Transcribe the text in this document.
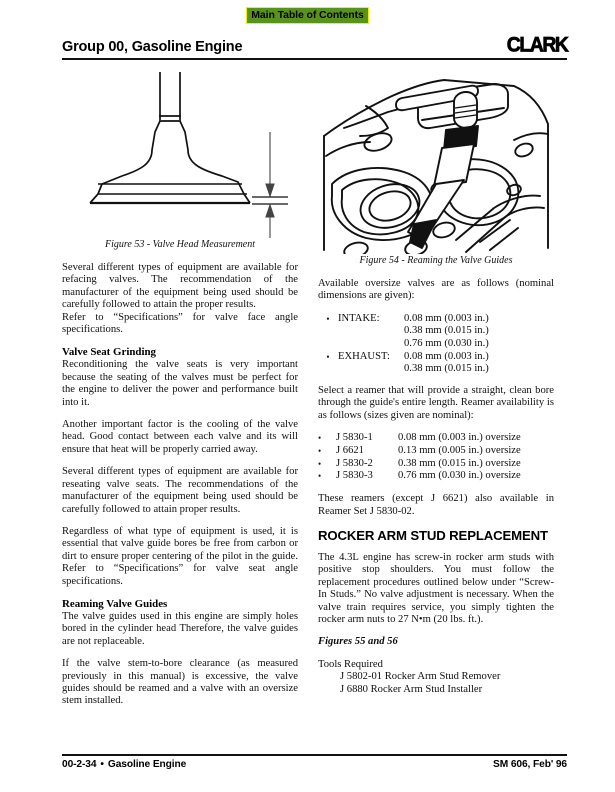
Main Table of Contents
Group 00, Gasoline Engine	CLARK
Figure 53 - Valve Head Measurement

Several different types of equipment are available for refacing valves. The recommendation of the manufacturer of the equipment being used should be carefully followed to attain the proper results.

Refer to “Specifications” for valve face angle specifications.

Valve Seat Grinding

Reconditioning the valve seats is very important because the seating of the valves must be perfect for the engine to deliver the power and performance built into it.

Another important factor is the cooling of the valve head. Good contact between each valve and its will ensure that heat will be properly carried away.

Several different types of equipment are available for reseating valve seats. The recommendations of the manufacturer of the equipment being used should be carefully followed to attain proper results.

Regardless of what type of equipment is used, it is essential that valve guide bores be free from carbon or dirt to ensure proper centering of the pilot in the guide. Refer to “Specifications” for valve seat angle specifications.

Reaming Valve Guides

The valve guides used in this engine are simply holes bored in the cylinder head Therefore, the valve guides are not replaceable.

If the valve stem-to-bore clearance (as measured previously in this manual) is excessive, the valve guides should be reamed and a valve with an oversize stem installed.

Figure 54 - Reaming the Valve Guides

Available oversize valves are as follows (nominal dimensions are given):

• INTAKE:	0.08 mm (0.003 in.)
0.38 mm (0.015 in.)
0.76 mm (0.030 in.)
• EXHAUST:	0.08 mm (0.003 in.)
0.38 mm (0.015 in.)

Select a reamer that will provide a straight, clean bore through the guide's entire length. Reamer availability is as follows (sizes given are nominal):

•	J 5830-1	0.08 mm (0.003 in.) oversize
•	J 6621	0.13 mm (0.005 in.) oversize
•	J 5830-2	0.38 mm (0.015 in.) oversize
•	J 5830-3	0.76 mm (0.030 in.) oversize

These reamers (except J 6621) also available in Reamer Set J 5830-02.

ROCKER ARM STUD REPLACEMENT

The 4.3L engine has screw-in rocker arm studs with positive stop shoulders. You must follow the replacement procedures outlined below under “Screw-In Studs.” No valve adjustment is necessary. When the valve train requires service, you simply tighten the rocker arm nuts to 27 N•m (20 lbs. ft.).

Figures 55 and 56
Tools Required
J 5802-01 Rocker Arm Stud Remover
J 6880 Rocker Arm Stud Installer
00-2-34 • Gasoline Engine	SM 606, Feb' 96
